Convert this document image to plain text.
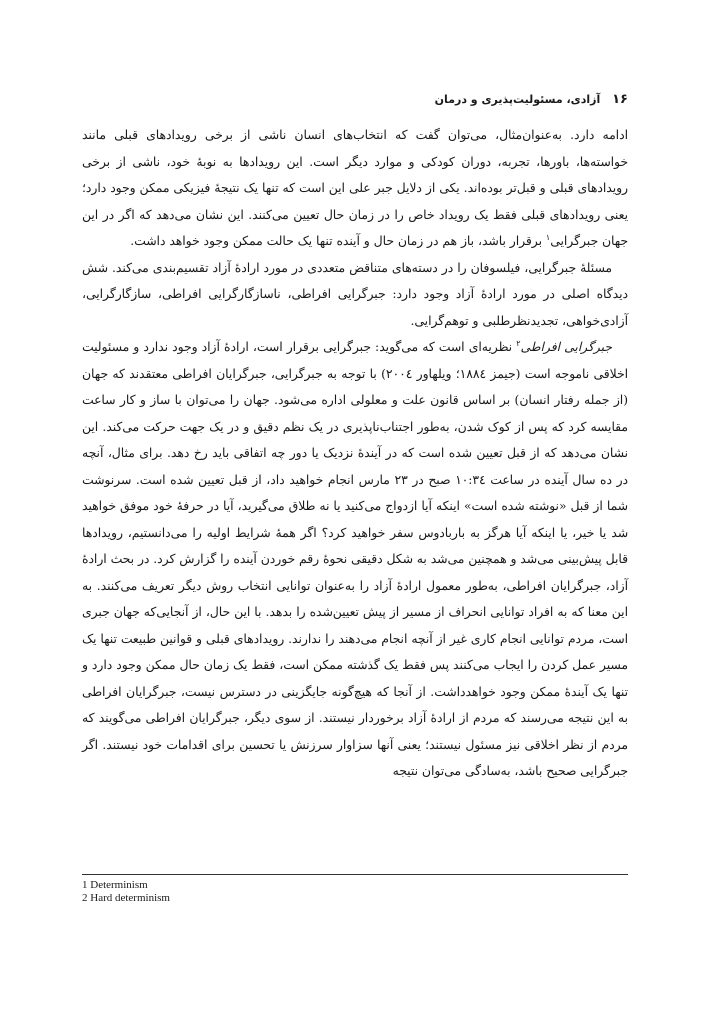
۱۶ آزادی، مسئولیت‌پذیری و درمان

ادامه دارد. به‌عنوان‌مثال، می‌توان گفت که انتخاب‌های انسان ناشی از برخی رویدادهای قبلی مانند خواسته‌ها، باورها، تجربه، دوران کودکی و موارد دیگر است. این رویدادها به نوبهٔ خود، ناشی از برخی رویدادهای قبلی و قبل‌تر بوده‌اند. یکی از دلایل جبر علی این است که تنها یک نتیجهٔ فیزیکی ممکن وجود دارد؛ یعنی رویدادهای قبلی فقط یک رویداد خاص را در زمان حال تعیین می‌کنند. این نشان می‌دهد که اگر در این جهان جبرگرایی$^۱$ برقرار باشد، باز هم در زمان حال و آینده تنها یک حالت ممکن وجود خواهد داشت.

مسئلهٔ جبرگرایی، فیلسوفان را در دسته‌های متناقض متعددی در مورد ارادهٔ آزاد تقسیم‌بندی می‌کند. شش دیدگاه اصلی در مورد ارادهٔ آزاد وجود دارد: جبرگرایی افراطی، ناسازگارگرایی افراطی، سازگارگرایی، آزادی‌خواهی، تجدیدنظرطلبی و توهم‌گرایی.

جبرگرایی افراطی$^۲$ نظریه‌ای است که می‌گوید: جبرگرایی برقرار است، ارادهٔ آزاد وجود ندارد و مسئولیت اخلاقی ناموجه است (جیمز ۱۸۸٤؛ ویلهاور ۲۰۰٤) با توجه به جبرگرایی، جبرگرایان افراطی معتقدند که جهان (از جمله رفتار انسان) بر اساس قانون علت و معلولی اداره می‌شود. جهان را می‌توان با ساز و کار ساعت مقایسه کرد که پس از کوک شدن، به‌طور اجتناب‌ناپذیری در یک نظم دقیق و در یک جهت حرکت می‌کند. این نشان می‌دهد که از قبل تعیین شده است که در آیندهٔ نزدیک یا دور چه اتفاقی باید رخ دهد. برای مثال، آنچه در ده سال آینده در ساعت ۱۰:۳٤ صبح در ۲۳ مارس انجام خواهید داد، از قبل تعیین شده است. سرنوشت شما از قبل «نوشته شده است» اینکه آیا ازدواج می‌کنید یا نه طلاق می‌گیرید، آیا در حرفهٔ خود موفق خواهید شد یا خیر، یا اینکه آیا هرگز به باربادوس سفر خواهید کرد؟ اگر همهٔ شرایط اولیه را می‌دانستیم، رویدادها قابل پیش‌بینی می‌شد و همچنین می‌شد به شکل دقیقی نحوهٔ رقم خوردن آینده را گزارش کرد. در بحث ارادهٔ آزاد، جبرگرایان افراطی، به‌طور معمول ارادهٔ آزاد را به‌عنوان توانایی انتخاب روش دیگر تعریف می‌کنند. به این معنا که به افراد توانایی انحراف از مسیر از پیش تعیین‌شده را بدهد. با این حال، از آنجایی‌که جهان جبری است، مردم توانایی انجام کاری غیر از آنچه انجام می‌دهند را ندارند. رویدادهای قبلی و قوانین طبیعت تنها یک مسیر عمل کردن را ایجاب می‌کنند پس فقط یک گذشته ممکن است، فقط یک زمان حال ممکن وجود دارد و تنها یک آیندهٔ ممکن وجود خواهدداشت. از آنجا که هیچ‌گونه جایگزینی در دسترس نیست، جبرگرایان افراطی به این نتیجه می‌رسند که مردم از ارادهٔ آزاد برخوردار نیستند. از سوی دیگر، جبرگرایان افراطی می‌گویند که مردم از نظر اخلاقی نیز مسئول نیستند؛ یعنی آنها سزاوار سرزنش یا تحسین برای اقدامات خود نیستند. اگر جبرگرایی صحیح باشد، به‌سادگی می‌توان نتیجه

1 Determinism
2 Hard determinism
